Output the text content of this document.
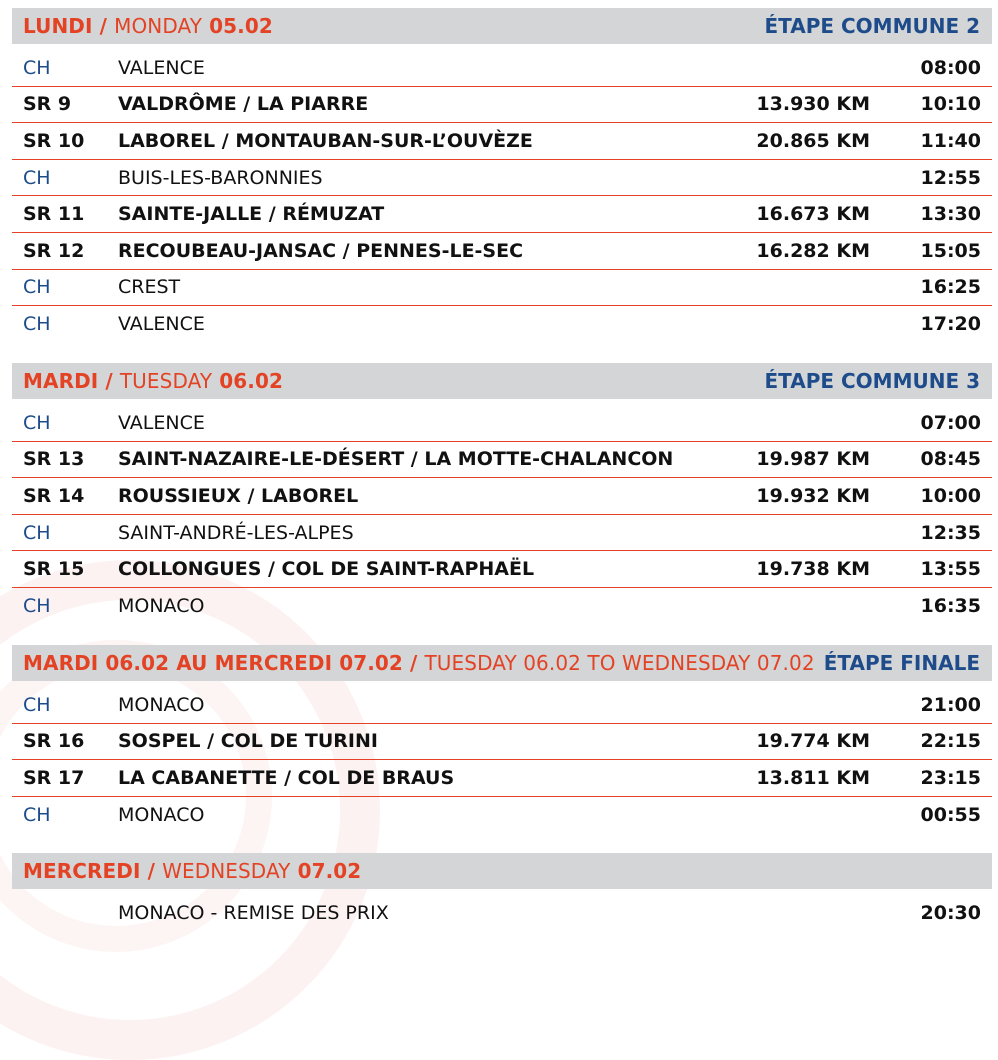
LUNDI / MONDAY 05.02	ÉTAPE COMMUNE 2
CH	VALENCE	08:00
SR 9 VALDRÔME / LA PIARRE	13.930 KM	10:10
SR 10 LABOREL / MONTAUBAN-SUR-L’OUVÈZE	20.865 KM	11:40
CH	BUIS-LES-BARONNIES	12:55
SR 11 SAINTE-JALLE / RÉMUZAT	16.673 KM	13:30
SR 12 RECOUBEAU-JANSAC / PENNES-LE-SEC	16.282 KM	15:05
CH	CREST	16:25
CH	VALENCE	17:20
MARDI / TUESDAY 06.02	ÉTAPE COMMUNE 3
CH	VALENCE	07:00
SR 13 SAINT-NAZAIRE-LE-DÉSERT / LA MOTTE-CHALANCON	19.987 KM	08:45
SR 14 ROUSSIEUX / LABOREL	19.932 KM	10:00
CH	SAINT-ANDRÉ-LES-ALPES	12:35
SR 15 COLLONGUES / COL DE SAINT-RAPHAËL	19.738 KM	13:55
CH	MONACO	16:35
MARDI 06.02 AU MERCREDI 07.02 / TUESDAY 06.02 TO WEDNESDAY 07.02 ÉTAPE FINALE
CH	MONACO	21:00
SR 16 SOSPEL / COL DE TURINI	19.774 KM	22:15
SR 17 LA CABANETTE / COL DE BRAUS	13.811 KM	23:15
CH	MONACO	00:55
MERCREDI / WEDNESDAY 07.02
MONACO - REMISE DES PRIX	20:30
